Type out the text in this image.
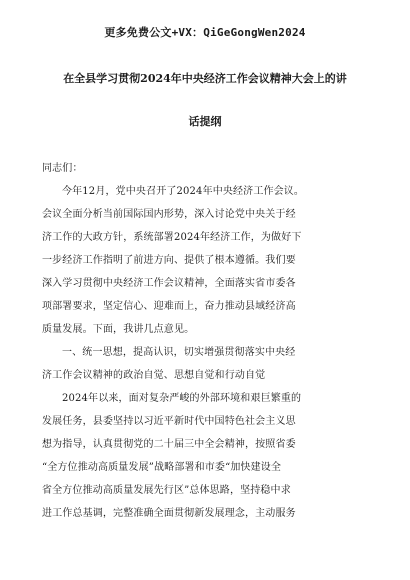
更多免费公文+VX：QiGeGongWen2024
在全县学习贯彻2024年中央经济工作会议精神大会上的讲
话提纲
同志们：
今年12月，党中央召开了2024年中央经济工作会议。
会议全面分析当前国际国内形势，深入讨论党中央关于经
济工作的大政方针，系统部署2024年经济工作，为做好下
一步经济工作指明了前进方向、提供了根本遵循。我们要
深入学习贯彻中央经济工作会议精神，全面落实省市委各
项部署要求，坚定信心、迎难而上，奋力推动县域经济高
质量发展。下面，我讲几点意见。
一、统一思想，提高认识，切实增强贯彻落实中央经
济工作会议精神的政治自觉、思想自觉和行动自觉
2024年以来，面对复杂严峻的外部环境和艰巨繁重的
发展任务，县委坚持以习近平新时代中国特色社会主义思
想为指导，认真贯彻党的二十届三中全会精神，按照省委
“全方位推动高质量发展”战略部署和市委“加快建设全
省全方位推动高质量发展先行区”总体思路，坚持稳中求
进工作总基调，完整准确全面贯彻新发展理念，主动服务
